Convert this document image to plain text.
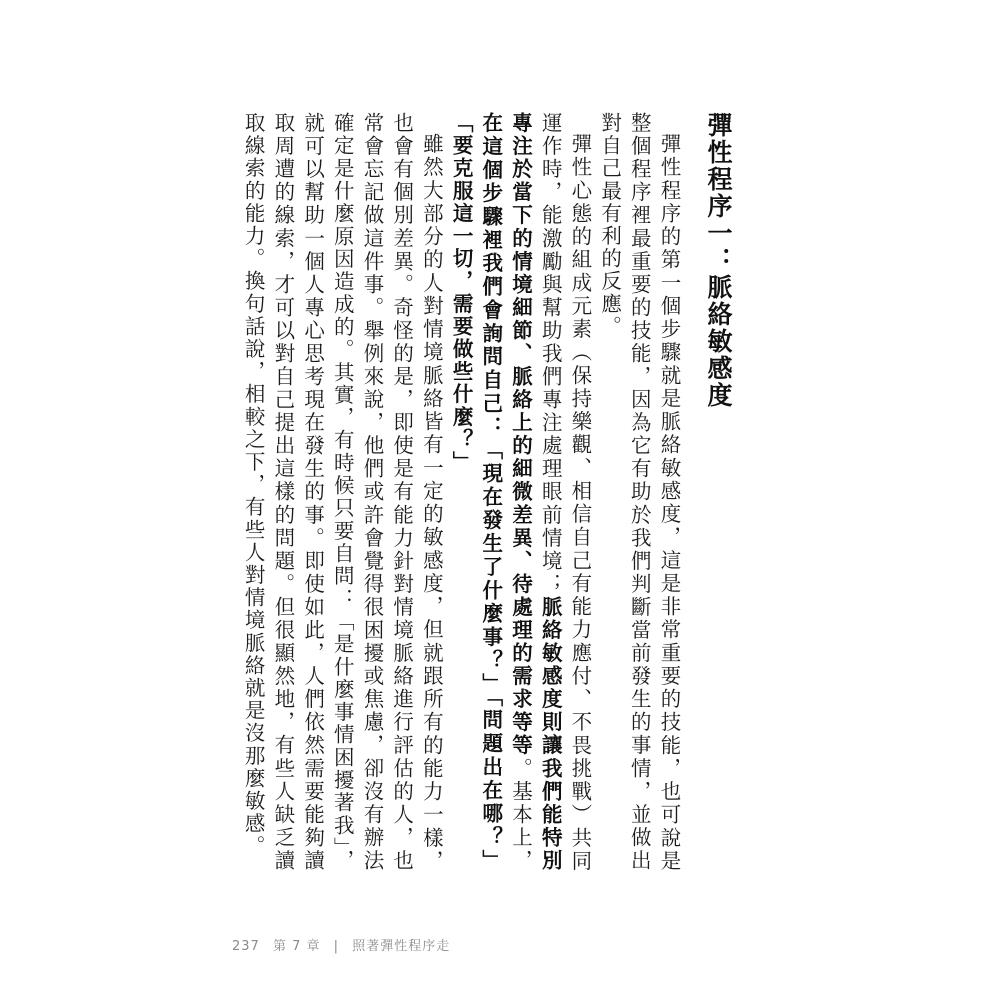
彈性程序一：脈絡敏感度

彈性程序的第一個步驟就是脈絡敏感度，這是非常重要的技能，也可說是整個程序裡最重要的技能，因為它有助於我們判斷當前發生的事情，並做出對自己最有利的反應。

彈性心態的組成元素（保持樂觀、相信自己有能力應付、不畏挑戰）共同運作時，能激勵與幫助我們專注處理眼前情境；脈絡敏感度則讓我們能特別專注於當下的情境細節、脈絡上的細微差異、待處理的需求等等。基本上，在這個步驟裡我們會詢問自己：「現在發生了什麼事？」「問題出在哪？」「要克服這一切，需要做些什麼？」

雖然大部分的人對情境脈絡皆有一定的敏感度，但就跟所有的能力一樣，也會有個別差異。奇怪的是，即使是有能力針對情境脈絡進行評估的人，也常會忘記做這件事。舉例來說，他們或許會覺得很困擾或焦慮，卻沒有辦法確定是什麼原因造成的。其實，有時候只要自問：「是什麼事情困擾著我」，就可以幫助一個人專心思考現在發生的事。即使如此，人們依然需要能夠讀取周遭的線索，才可以對自己提出這樣的問題。但很顯然地，有些人缺乏讀取線索的能力。換句話說，相較之下，有些人對情境脈絡就是沒那麼敏感。

237 第 7 章 | 照著彈性程序走
